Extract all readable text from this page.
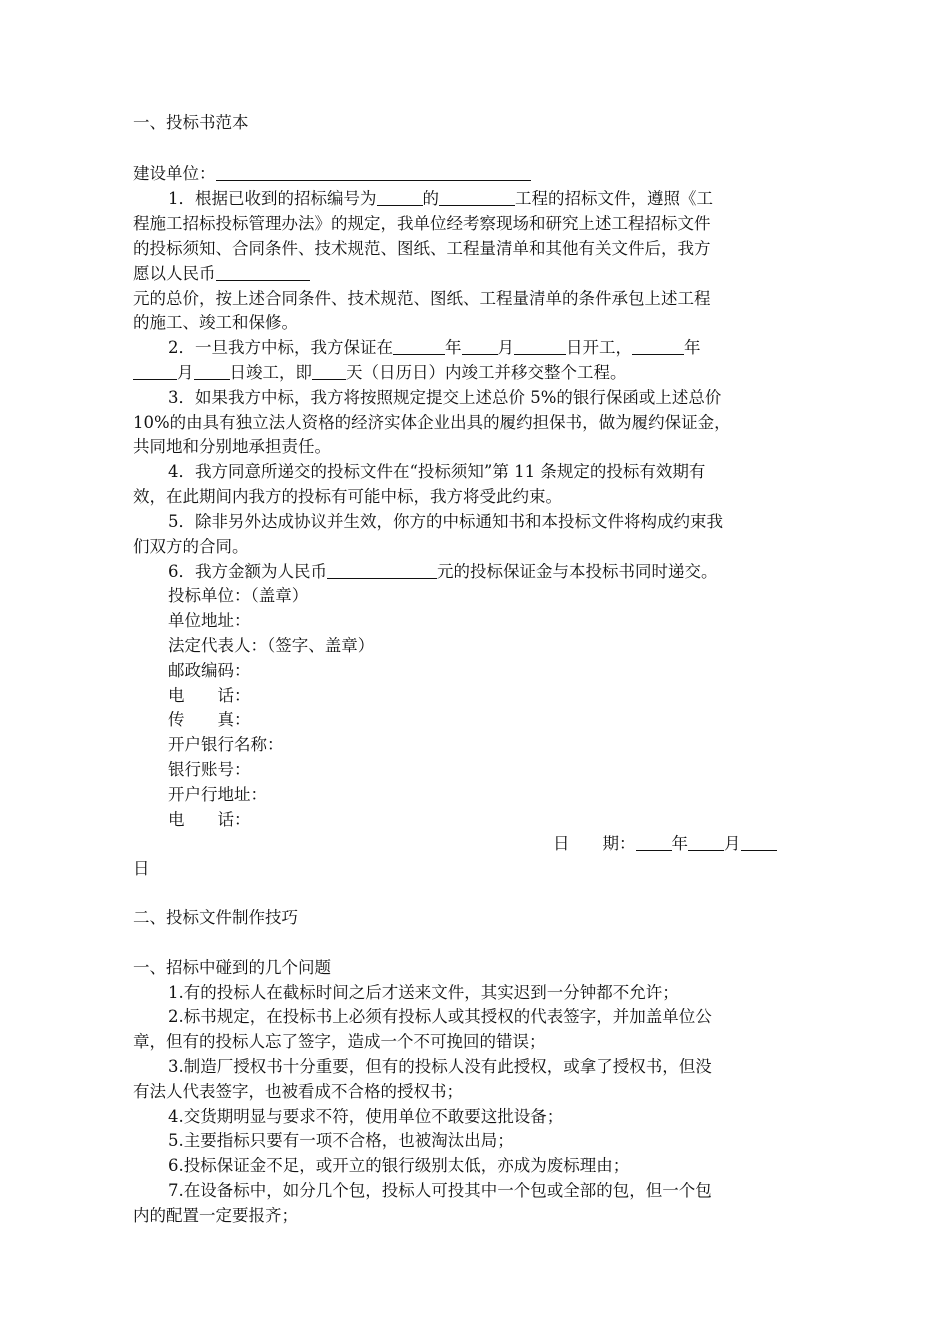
一、投标书范本
建设单位：
1．根据已收到的招标编号为	的	工程的招标文件，遵照《工
程施工招标投标管理办法》的规定，我单位经考察现场和研究上述工程招标文件
的投标须知、合同条件、技术规范、图纸、工程量清单和其他有关文件后，我方
愿以人民币
元的总价，按上述合同条件、技术规范、图纸、工程量清单的条件承包上述工程
的施工、竣工和保修。
2．一旦我方中标，我方保证在	年 月	日开工，	年
月 日竣工，即 天（日历日）内竣工并移交整个工程。
3．如果我方中标，我方将按照规定提交上述总价 5%的银行保函或上述总价
10%的由具有独立法人资格的经济实体企业出具的履约担保书，做为履约保证金，
共同地和分别地承担责任。
4．我方同意所递交的投标文件在“投标须知”第 11 条规定的投标有效期有
效，在此期间内我方的投标有可能中标，我方将受此约束。
5．除非另外达成协议并生效，你方的中标通知书和本投标文件将构成约束我
们双方的合同。
6．我方金额为人民币	元的投标保证金与本投标书同时递交。
投标单位：（盖章）
单位地址：
法定代表人：（签字、盖章）
邮政编码：
电　　话：
传　　真：
开户银行名称：
银行账号：
开户行地址：
电　　话：
日　　期： 年 月
日
二、投标文件制作技巧
一、招标中碰到的几个问题
1.有的投标人在截标时间之后才送来文件，其实迟到一分钟都不允许；
2.标书规定，在投标书上必须有投标人或其授权的代表签字，并加盖单位公
章，但有的投标人忘了签字，造成一个不可挽回的错误；
3.制造厂授权书十分重要，但有的投标人没有此授权，或拿了授权书，但没
有法人代表签字，也被看成不合格的授权书；
4.交货期明显与要求不符，使用单位不敢要这批设备；
5.主要指标只要有一项不合格，也被淘汰出局；
6.投标保证金不足，或开立的银行级别太低，亦成为废标理由；
7.在设备标中，如分几个包，投标人可投其中一个包或全部的包，但一个包
内的配置一定要报齐；
